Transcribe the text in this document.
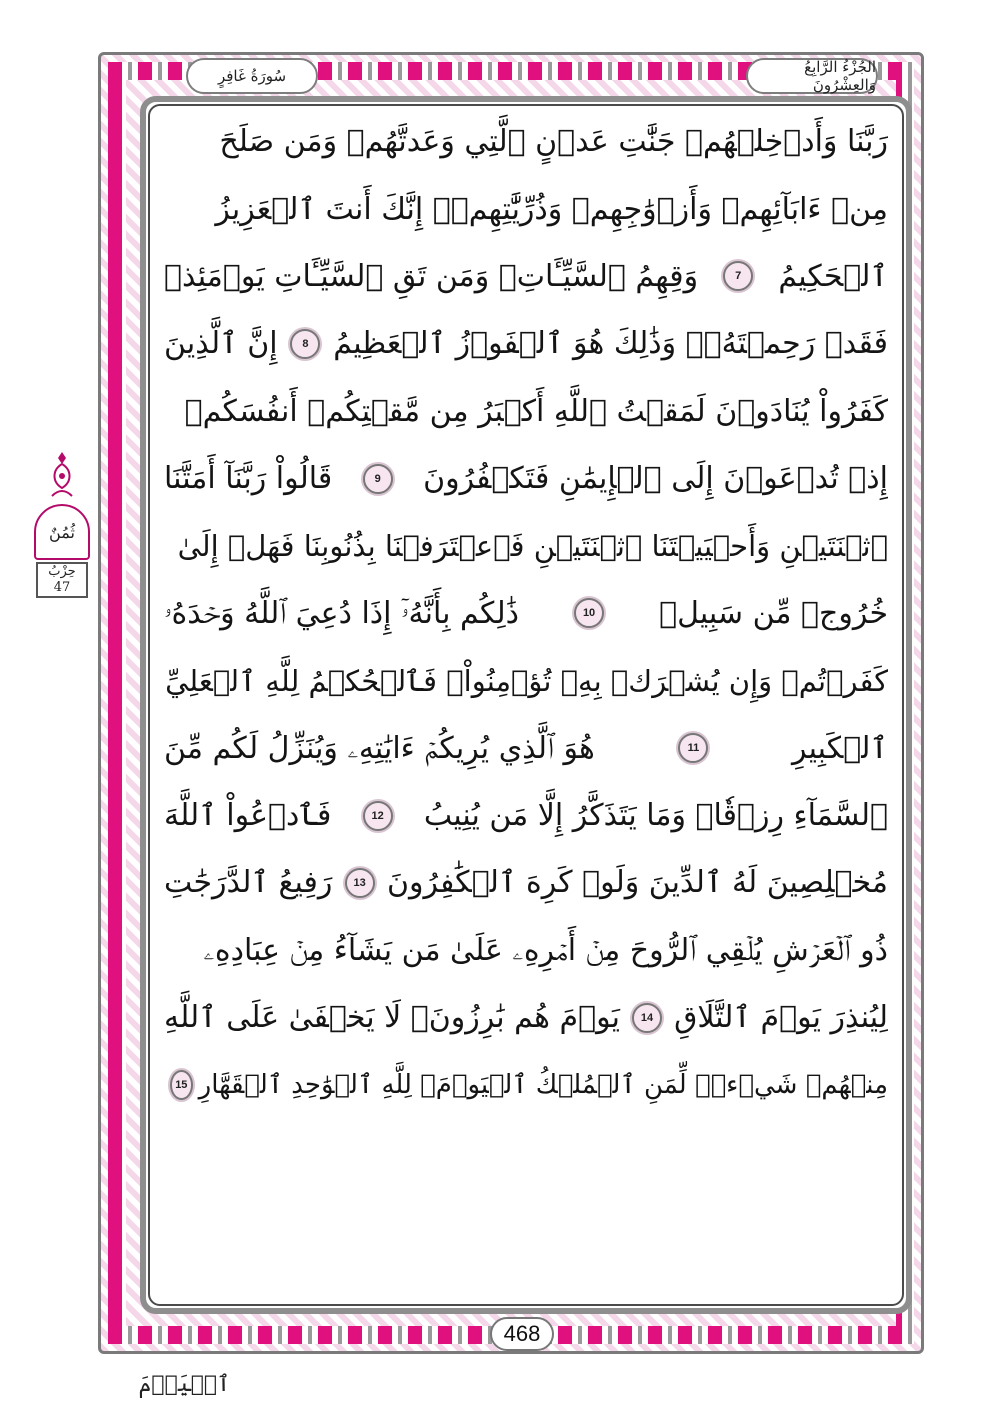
سُورَةُ غَافِرٍ	الجُزْءُ الرَّابِعُ وَالعِشْرُونَ
ثُمُنٌ
حِزْبُ
47
رَبَّنَا وَأَدۡخِلۡهُمۡ جَنَّٰتِ عَدۡنٍ ٱلَّتِي وَعَدتَّهُمۡ وَمَن صَلَحَ
مِنۡ ءَابَآئِهِمۡ وَأَزۡوَٰجِهِمۡ وَذُرِّيَّٰتِهِمۡۚ إِنَّكَ أَنتَ ٱلۡعَزِيزُ
ٱلۡحَكِيمُ
7
وَقِهِمُ ٱلسَّيِّـَٔاتِۚ وَمَن تَقِ ٱلسَّيِّـَٔاتِ يَوۡمَئِذٖ
فَقَدۡ رَحِمۡتَهُۥۚ وَذَٰلِكَ هُوَ ٱلۡفَوۡزُ ٱلۡعَظِيمُ
8
إِنَّ ٱلَّذِينَ
كَفَرُواْ يُنَادَوۡنَ لَمَقۡتُ ٱللَّهِ أَكۡبَرُ مِن مَّقۡتِكُمۡ أَنفُسَكُمۡ
إِذۡ تُدۡعَوۡنَ إِلَى ٱلۡإِيمَٰنِ فَتَكۡفُرُونَ
9
قَالُواْ رَبَّنَآ أَمَتَّنَا
ٱثۡنَتَيۡنِ وَأَحۡيَيۡتَنَا ٱثۡنَتَيۡنِ فَٱعۡتَرَفۡنَا بِذُنُوبِنَا فَهَلۡ إِلَىٰ
خُرُوجٖ مِّن سَبِيلٖ
10
ذَٰلِكُم بِأَنَّهُۥٓ إِذَا دُعِيَ ٱللَّهُ وَحۡدَهُۥ
كَفَرۡتُمۡ وَإِن يُشۡرَكۡ بِهِۦ تُؤۡمِنُواْۚ فَٱلۡحُكۡمُ لِلَّهِ ٱلۡعَلِيِّ
ٱلۡكَبِيرِ
11
هُوَ ٱلَّذِي يُرِيكُمۡ ءَايَٰتِهِۦ وَيُنَزِّلُ لَكُم مِّنَ
ٱلسَّمَآءِ رِزۡقٗاۚ وَمَا يَتَذَكَّرُ إِلَّا مَن يُنِيبُ
12
فَٱدۡعُواْ ٱللَّهَ
مُخۡلِصِينَ لَهُ ٱلدِّينَ وَلَوۡ كَرِهَ ٱلۡكَٰفِرُونَ
13
رَفِيعُ ٱلدَّرَجَٰتِ
ذُو ٱلۡعَرۡشِ يُلۡقِي ٱلرُّوحَ مِنۡ أَمۡرِهِۦ عَلَىٰ مَن يَشَآءُ مِنۡ عِبَادِهِۦ
لِيُنذِرَ يَوۡمَ ٱلتَّلَاقِ
14
يَوۡمَ هُم بَٰرِزُونَۖ لَا يَخۡفَىٰ عَلَى ٱللَّهِ
مِنۡهُمۡ شَيۡءٞۚ لِّمَنِ ٱلۡمُلۡكُ ٱلۡيَوۡمَۖ لِلَّهِ ٱلۡوَٰحِدِ ٱلۡقَهَّارِ
15
468
ٱلۡيَوۡمَ
